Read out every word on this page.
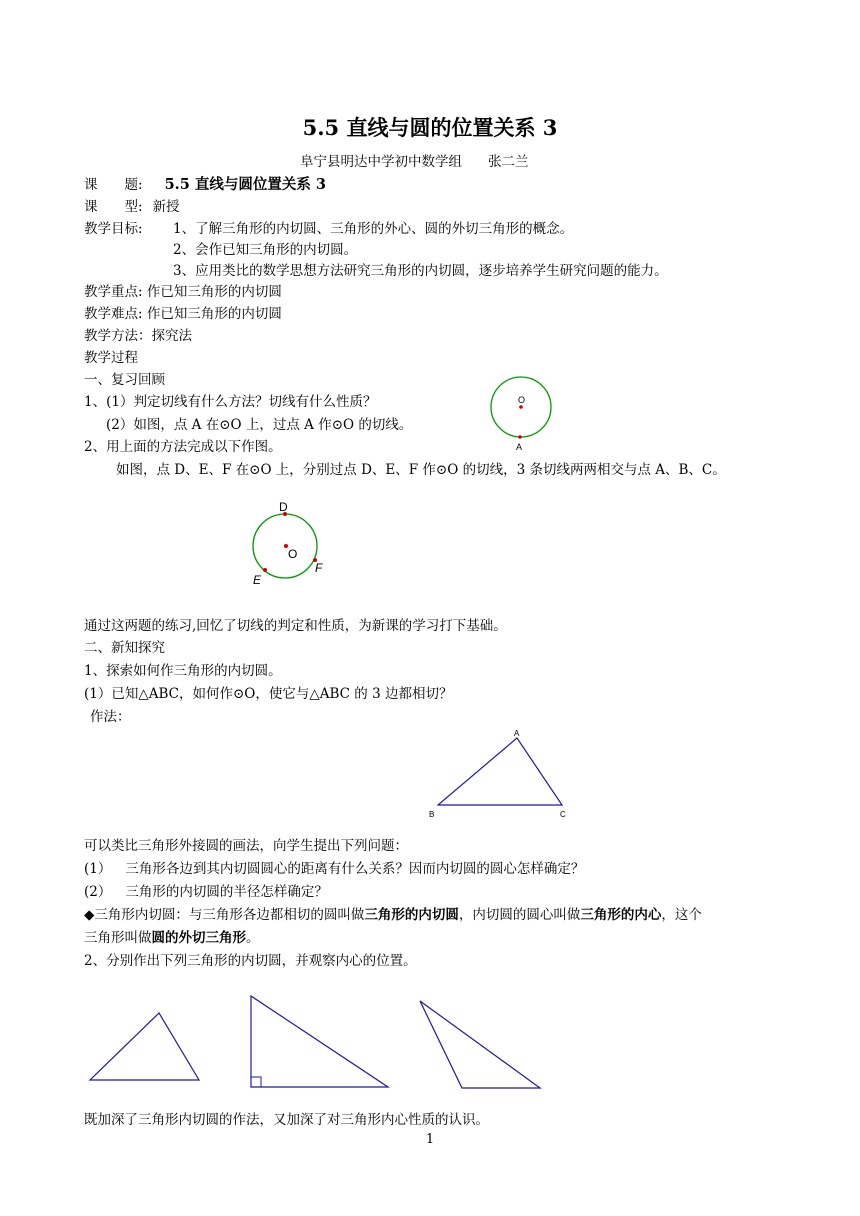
5.5 直线与圆的位置关系 3
阜宁县明达中学初中数学组 张二兰
课　　题: 5.5 直线与圆位置关系 3
课　　型: 新授
教学目标: 1、了解三角形的内切圆、三角形的外心、圆的外切三角形的概念。
2、会作已知三角形的内切圆。
3、应用类比的数学思想方法研究三角形的内切圆，逐步培养学生研究问题的能力。
教学重点: 作已知三角形的内切圆
教学难点: 作已知三角形的内切圆
教学方法：探究法
教学过程
一、复习回顾
1、(1）判定切线有什么方法？切线有什么性质？
(2）如图，点 A 在⊙O 上，过点 A 作⊙O 的切线。
2、用上面的方法完成以下作图。
如图，点 D、E、F 在⊙O 上，分别过点 D、E、F 作⊙O 的切线，3 条切线两两相交与点 A、B、C。
O
A
D
O
E
F
通过这两题的练习,回忆了切线的判定和性质，为新课的学习打下基础。
二、新知探究
1、探索如何作三角形的内切圆。
(1）已知△ABC，如何作⊙O，使它与△ABC 的 3 边都相切？
作法：
A
B	C
可以类比三角形外接圆的画法，向学生提出下列问题：
(1） 三角形各边到其内切圆圆心的距离有什么关系？因而内切圆的圆心怎样确定？
(2） 三角形的内切圆的半径怎样确定？
◆三角形内切圆：与三角形各边都相切的圆叫做三角形的内切圆，内切圆的圆心叫做三角形的内心，这个
三角形叫做圆的外切三角形。
2、分别作出下列三角形的内切圆，并观察内心的位置。
既加深了三角形内切圆的作法，又加深了对三角形内心性质的认识。
1
